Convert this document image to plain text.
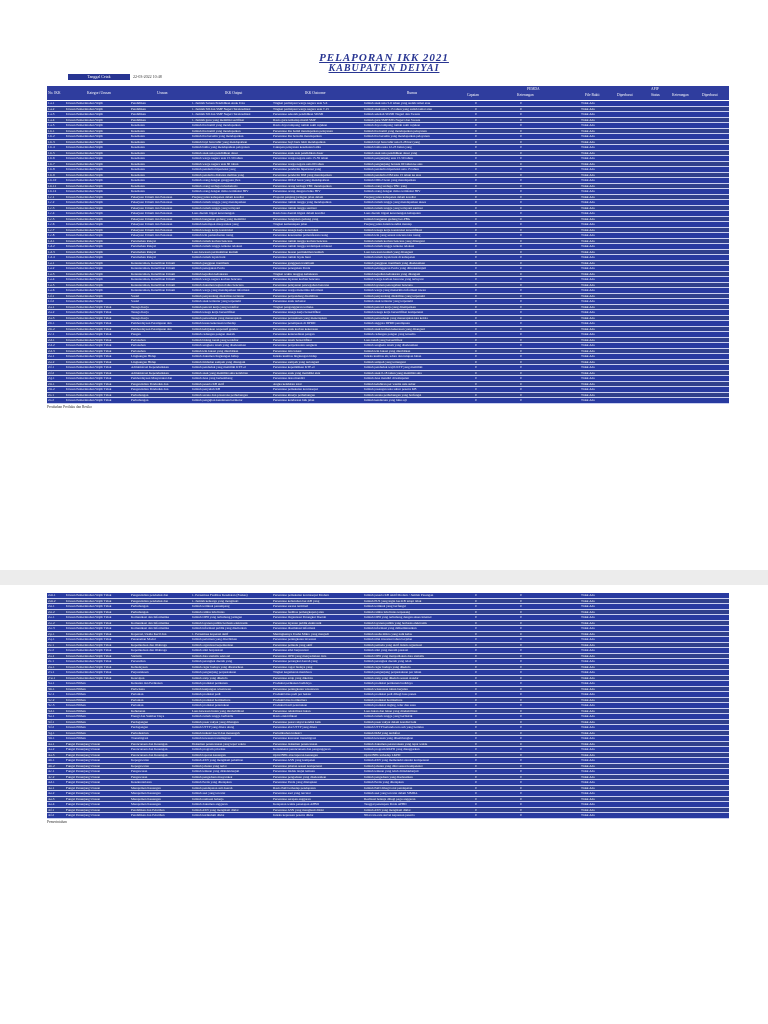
PELAPORAN IKK 2021
KABUPATEN DEIYAI
Tanggal Cetak	22-03-2022 10:48
No. IKK	Kategori Urusan	Urusan	IKK Output	IKK Outcome	Rumus
PEMDA
Capaian	Keterangan	File Bukti	Diperbarui
APIP
Status	Keterangan	Diperbarui
1.a.1	Urusan Pemerintahan Wajib	Pendidikan	1. Jumlah Satuan Pendidikan Anak Usia	Tingkat partisipasi warga negara usia 5-6	Jumlah anak usia 5-6 tahun yang sudah tamat atau	0	0	Tidak Ada
1.a.2	Urusan Pemerintahan Wajib	Pendidikan	1. Jumlah SD dan SMP Negeri Terakreditasi	Tingkat partisipasi warga negara usia 7-15	Jumlah anak usia 7-15 tahun yang sudah tamat atau	0	0	Tidak Ada
1.a.3	Urusan Pemerintahan Wajib	Pendidikan	1. Jumlah SD dan SMP Negeri Terakreditasi	Persentase sekolah pendidikan SD/MI	Jumlah sekolah SD/MI Negeri dan Swasta	0	0	Tidak Ada
1.a.4	Urusan Pemerintahan Wajib	Pendidikan	1. Jumlah guru yang memiliki sertifikat	Rasio guru terhadap murid SMP	Jumlah guru SMP/MTs Negeri dan Swasta	0	0	Tidak Ada
1.a.5	Urusan Pemerintahan Wajib	Kesehatan	Jumlah ibu hamil yang mendapatkan	Rasio daya tampung rumah sakit rujukan	Jumlah daya tampung rumah sakit rujukan	0	0	Tidak Ada
1.b.1	Urusan Pemerintahan Wajib	Kesehatan	Jumlah ibu hamil yang mendapatkan	Persentase ibu hamil mendapatkan pelayanan	Jumlah ibu hamil yang mendapatkan pelayanan	0	0	Tidak Ada
1.b.2	Urusan Pemerintahan Wajib	Kesehatan	Jumlah ibu bersalin yang mendapatkan	Persentase ibu bersalin mendapatkan	Jumlah ibu bersalin yang mendapatkan pelayanan	0	0	Tidak Ada
1.b.3	Urusan Pemerintahan Wajib	Kesehatan	Jumlah bayi baru lahir yang mendapatkan	Persentase bayi baru lahir mendapatkan	Jumlah bayi baru lahir usia 0-28 hari yang	0	0	Tidak Ada
1.b.4	Urusan Pemerintahan Wajib	Kesehatan	Jumlah balita yang mendapatkan pelayanan	Cakupan pelayanan kesehatan balita	Jumlah balita usia 12-23 bulan yang	0	0	Tidak Ada
1.b.5	Urusan Pemerintahan Wajib	Kesehatan	Jumlah anak usia pendidikan dasar	Persentase anak usia pendidikan dasar	Jumlah anak usia pendidikan dasar yang	0	0	Tidak Ada
1.b.6	Urusan Pemerintahan Wajib	Kesehatan	Jumlah warga negara usia 15-59 tahun	Persentase warga negara usia 15-59 tahun	Jumlah pengunjung usia 15-59 tahun	0	0	Tidak Ada
1.b.7	Urusan Pemerintahan Wajib	Kesehatan	Jumlah warga negara usia 60 tahun	Persentase warga negara usia 60 tahun	Jumlah pengunjung berusia 60 tahun ke atas	0	0	Tidak Ada
1.b.8	Urusan Pemerintahan Wajib	Kesehatan	Jumlah penderita hipertensi yang	Persentase penderita hipertensi yang	Jumlah penderita hipertensi usia 15 tahun	0	0	Tidak Ada
1.b.9	Urusan Pemerintahan Wajib	Kesehatan	Jumlah penderita diabetes melitus yang	Persentase penderita DM yang mendapatkan	Jumlah penderita DM usia 15 tahun ke atas	0	0	Tidak Ada
1.b.10	Urusan Pemerintahan Wajib	Kesehatan	Jumlah orang dengan gangguan jiwa	Persentase ODGJ berat yang mendapatkan	Jumlah ODGJ berat yang mendapatkan	0	0	Tidak Ada
1.b.11	Urusan Pemerintahan Wajib	Kesehatan	Jumlah orang terduga tuberkulosis	Persentase orang terduga TBC mendapatkan	Jumlah orang terduga TBC yang	0	0	Tidak Ada
1.b.12	Urusan Pemerintahan Wajib	Kesehatan	Jumlah orang dengan risiko terinfeksi HIV	Persentase orang dengan risiko HIV	Jumlah orang dengan risiko terinfeksi HIV	0	0	Tidak Ada
1.c.1	Urusan Pemerintahan Wajib	Pekerjaan Umum dan Penataan	Panjang jalan kabupaten dalam kondisi	Proporsi panjang jaringan jalan dalam	Panjang jalan kabupaten dalam kondisi	0	0	Tidak Ada
1.c.2	Urusan Pemerintahan Wajib	Pekerjaan Umum dan Penataan	Jumlah rumah tangga yang mendapatkan	Persentase rumah tangga yang mendapatkan	Jumlah rumah tangga yang mendapatkan akses	0	0	Tidak Ada
1.c.3	Urusan Pemerintahan Wajib	Pekerjaan Umum dan Penataan	Jumlah rumah tangga yang terlayani	Persentase rumah tangga sanitasi	Jumlah rumah tangga yang terlayani sanitasi	0	0	Tidak Ada
1.c.4	Urusan Pemerintahan Wajib	Pekerjaan Umum dan Penataan	Luas daerah irigasi kewenangan	Rasio luas daerah irigasi dalam kondisi	Luas daerah irigasi kewenangan kabupaten	0	0	Tidak Ada
1.c.5	Urusan Pemerintahan Wajib	Pekerjaan Umum dan Penataan	Jumlah bangunan gedung yang memiliki	Persentase bangunan gedung yang	Jumlah bangunan gedung ber-PBG	0	0	Tidak Ada
1.c.6	Urusan Pemerintahan Wajib	Pekerjaan Umum dan Penataan	Jumlah kelompok masyarakat yang	Tingkat kemantapan jalan	Panjang jalan dalam kondisi mantap	0	0	Tidak Ada
1.c.7	Urusan Pemerintahan Wajib	Pekerjaan Umum dan Penataan	Jumlah tenaga kerja konstruksi	Persentase tenaga kerja konstruksi	Jumlah tenaga kerja konstruksi tersertifikasi	0	0	Tidak Ada
1.c.8	Urusan Pemerintahan Wajib	Pekerjaan Umum dan Penataan	Jumlah izin pemanfaatan ruang	Persentase kesesuaian pemanfaatan ruang	Jumlah izin yang sesuai rencana tata ruang	0	0	Tidak Ada
1.d.1	Urusan Pemerintahan Wajib	Perumahan Rakyat	Jumlah rumah korban bencana	Persentase rumah tangga korban bencana	Jumlah rumah korban bencana yang ditangani	0	0	Tidak Ada
1.d.2	Urusan Pemerintahan Wajib	Perumahan Rakyat	Jumlah rumah tangga terkena relokasi	Persentase rumah tangga terdampak relokasi	Jumlah rumah tangga terkena relokasi	0	0	Tidak Ada
1.d.3	Urusan Pemerintahan Wajib	Perumahan Rakyat	Luas kawasan permukiman kumuh	Persentase luasan permukiman kumuh	Luas kawasan kumuh yang ditangani	0	0	Tidak Ada
1.d.4	Urusan Pemerintahan Wajib	Perumahan Rakyat	Jumlah rumah layak huni	Persentase rumah layak huni	Jumlah rumah layak huni di kabupaten	0	0	Tidak Ada
1.e.1	Urusan Pemerintahan Wajib	Ketenteraman, Ketertiban Umum	Jumlah gangguan trantibum	Persentase gangguan trantibum	Jumlah gangguan trantibum yang diselesaikan	0	0	Tidak Ada
1.e.2	Urusan Pemerintahan Wajib	Ketenteraman, Ketertiban Umum	Jumlah penegakan Perda	Persentase penegakan Perda	Jumlah pelanggaran Perda yang ditindaklanjuti	0	0	Tidak Ada
1.e.3	Urusan Pemerintahan Wajib	Ketenteraman, Ketertiban Umum	Jumlah kejadian kebakaran	Tingkat waktu tanggap kebakaran	Jumlah kejadian kebakaran yang ditangani	0	0	Tidak Ada
1.e.4	Urusan Pemerintahan Wajib	Ketenteraman, Ketertiban Umum	Jumlah warga negara korban bencana	Persentase layanan korban bencana	Jumlah warga korban bencana yang terlayani	0	0	Tidak Ada
1.e.5	Urusan Pemerintahan Wajib	Ketenteraman, Ketertiban Umum	Jumlah dokumen kajian risiko bencana	Persentase pelayanan pencegahan bencana	Jumlah layanan pencegahan bencana	0	0	Tidak Ada
1.e.6	Urusan Pemerintahan Wajib	Ketenteraman, Ketertiban Umum	Jumlah warga yang mendapatkan informasi	Persentase warga menerima informasi	Jumlah warga yang menerima informasi rawan	0	0	Tidak Ada
1.f.1	Urusan Pemerintahan Wajib	Sosial	Jumlah penyandang disabilitas terlantar	Persentase penyandang disabilitas	Jumlah penyandang disabilitas yang terpenuhi	0	0	Tidak Ada
1.f.2	Urusan Pemerintahan Wajib	Sosial	Jumlah anak terlantar yang terpenuhi	Persentase anak terlantar	Jumlah anak terlantar yang terpenuhi	0	0	Tidak Ada
2.a.1	Urusan Pemerintahan Wajib Tidak	Tenaga Kerja	Jumlah pencari kerja yang terdaftar	Tingkat pengangguran terbuka	Jumlah pencari kerja yang ditempatkan	0	0	Tidak Ada
2.a.2	Urusan Pemerintahan Wajib Tidak	Tenaga Kerja	Jumlah tenaga kerja bersertifikat	Persentase tenaga kerja bersertifikat	Jumlah tenaga kerja bersertifikat kompetensi	0	0	Tidak Ada
2.a.3	Urusan Pemerintahan Wajib Tidak	Tenaga Kerja	Jumlah perusahaan yang menerapkan	Persentase perusahaan yang menerapkan	Jumlah perusahaan yang menerapkan tata kelola	0	0	Tidak Ada
2.b.1	Urusan Pemerintahan Wajib Tidak	Pemberdayaan Perempuan dan	Jumlah kasus kekerasan terhadap	Persentase perempuan di DPRD	Jumlah anggota DPRD perempuan	0	0	Tidak Ada
2.b.2	Urusan Pemerintahan Wajib Tidak	Pemberdayaan Perempuan dan	Jumlah kebijakan responsif gender	Persentase anak korban kekerasan	Jumlah anak korban kekerasan yang ditangani	0	0	Tidak Ada
2.c.1	Urusan Pemerintahan Wajib Tidak	Pangan	Jumlah cadangan pangan daerah	Persentase ketersediaan pangan	Jumlah cadangan pangan yang tersedia	0	0	Tidak Ada
2.d.1	Urusan Pemerintahan Wajib Tidak	Pertanahan	Jumlah bidang tanah yang terdaftar	Persentase tanah bersertifikat	Luas tanah yang bersertifikat	0	0	Tidak Ada
2.d.2	Urusan Pemerintahan Wajib Tidak	Pertanahan	Jumlah sengketa tanah yang diselesaikan	Persentase penyelesaian sengketa	Jumlah sengketa tanah yang diselesaikan	0	0	Tidak Ada
2.d.3	Urusan Pemerintahan Wajib Tidak	Pertanahan	Jumlah izin lokasi yang diterbitkan	Persentase izin lokasi	Jumlah izin lokasi yang diterbitkan	0	0	Tidak Ada
2.e.1	Urusan Pemerintahan Wajib Tidak	Lingkungan Hidup	Jumlah dokumen lingkungan hidup	Indeks kualitas lingkungan hidup	Indeks kualitas air, udara dan tutupan lahan	0	0	Tidak Ada
2.e.2	Urusan Pemerintahan Wajib Tidak	Lingkungan Hidup	Jumlah timbulan sampah yang ditangani	Persentase sampah yang tertangani	Jumlah sampah yang tertangani	0	0	Tidak Ada
2.f.1	Urusan Pemerintahan Wajib Tidak	Administrasi Kependudukan	Jumlah penduduk yang memiliki KTP-el	Persentase kepemilikan KTP-el	Jumlah penduduk wajib KTP yang memiliki	0	0	Tidak Ada
2.f.2	Urusan Pemerintahan Wajib Tidak	Administrasi Kependudukan	Jumlah anak yang memiliki akta kelahiran	Persentase anak yang memiliki akta	Jumlah anak 0-18 tahun yang memiliki akta	0	0	Tidak Ada
2.g.1	Urusan Pemerintahan Wajib Tidak	Pemberdayaan Masyarakat dan	Jumlah desa yang berkembang	Persentase desa mandiri	Jumlah desa mandiri di kabupaten	0	0	Tidak Ada
2.h.1	Urusan Pemerintahan Wajib Tidak	Pengendalian Penduduk dan	Jumlah peserta KB aktif	Angka kelahiran total	Jumlah kelahiran per wanita usia subur	0	0	Tidak Ada
2.h.2	Urusan Pemerintahan Wajib Tidak	Pengendalian Penduduk dan	Jumlah penyuluh KB	Persentase pemakaian kontrasepsi	Jumlah pasangan usia subur peserta KB	0	0	Tidak Ada
2.i.1	Urusan Pemerintahan Wajib Tidak	Perhubungan	Jumlah sarana dan prasarana perhubungan	Persentase kinerja perhubungan	Jumlah sarana perhubungan yang berfungsi	0	0	Tidak Ada
2.i.2	Urusan Pemerintahan Wajib Tidak	Perhubungan	Jumlah pengujian kendaraan bermotor	Persentase kendaraan laik jalan	Jumlah kendaraan yang lulus uji	0	0	Tidak Ada
Perubahan Perilaku dan Resiko
2.m.1	Urusan Pemerintahan Wajib Tidak	Pengendalian penduduk dan	1. Persentase Fasilitas Kesehatan (Faskes)	Persentase pemakaian kontrasepsi Modern	Jumlah peserta KB Aktif Modern / Jumlah Pasangan	0	0	Tidak Ada
2.m.2	Urusan Pemerintahan Wajib Tidak	Pengendalian penduduk dan	1. Jumlah keluarga yang mengikuti	Persentase kebutuhan ber-KB yang	Jumlah PUS yang ingin ber-KB tetapi tidak	0	0	Tidak Ada
2.n.1	Urusan Pemerintahan Wajib Tidak	Perhubungan	Jumlah terminal penumpang	Persentase sarana terminal	Jumlah terminal yang berfungsi	0	0	Tidak Ada
2.n.2	Urusan Pemerintahan Wajib Tidak	Perhubungan	Jumlah rambu lalu lintas	Persentase fasilitas perlengkapan jalan	Jumlah rambu lalu lintas terpasang	0	0	Tidak Ada
2.o.1	Urusan Pemerintahan Wajib Tidak	Komunikasi dan Informatika	Jumlah OPD yang terhubung jaringan	Persentase Organisasi Perangkat Daerah	Jumlah OPD yang terhubung dengan akses internet	0	0	Tidak Ada
2.o.2	Urusan Pemerintahan Wajib Tidak	Komunikasi dan Informatika	Jumlah layanan publik berbasis elektronik	Persentase layanan publik elektronik	Jumlah layanan publik yang berbasis elektronik	0	0	Tidak Ada
2.o.3	Urusan Pemerintahan Wajib Tidak	Komunikasi dan Informatika	Jumlah informasi publik yang disebarkan	Persentase diseminasi informasi	Jumlah informasi yang didiseminasikan	0	0	Tidak Ada
2.p.1	Urusan Pemerintahan Wajib Tidak	Koperasi, Usaha Kecil dan	1. Persentase koperasi aktif	Meningkatnya Usaha Mikro yang menjadi	Jumlah usaha mikro yang naik kelas	0	0	Tidak Ada
2.q.1	Urusan Pemerintahan Wajib Tidak	Penanaman Modal	Jumlah perizinan yang diterbitkan	Persentase peningkatan investasi	Jumlah nilai investasi tahun berjalan	0	0	Tidak Ada
2.r.1	Urusan Pemerintahan Wajib Tidak	Kepemudaan dan Olahraga	Jumlah organisasi kepemudaan	Persentase pemuda yang aktif	Jumlah pemuda yang aktif dalam organisasi	0	0	Tidak Ada
2.r.2	Urusan Pemerintahan Wajib Tidak	Kepemudaan dan Olahraga	Jumlah atlet berprestasi	Persentase atlet berprestasi	Jumlah atlet yang meraih prestasi	0	0	Tidak Ada
2.s.1	Urusan Pemerintahan Wajib Tidak	Statistik	Jumlah data statistik sektoral	Persentase OPD yang menyediakan data	Jumlah OPD yang menyediakan data statistik	0	0	Tidak Ada
2.t.1	Urusan Pemerintahan Wajib Tidak	Persandian	Jumlah perangkat daerah yang	Persentase perangkat daerah yang	Jumlah perangkat daerah yang telah	0	0	Tidak Ada
2.u.1	Urusan Pemerintahan Wajib Tidak	Kebudayaan	Jumlah cagar budaya yang dilestarikan	Persentase cagar budaya yang	Jumlah cagar budaya yang dikelola	0	0	Tidak Ada
2.v.1	Urusan Pemerintahan Wajib Tidak	Perpustakaan	Jumlah pengunjung perpustakaan	Tingkat kegemaran membaca	Jumlah pengunjung perpustakaan per tahun	0	0	Tidak Ada
2.w.1	Urusan Pemerintahan Wajib Tidak	Kearsipan	Jumlah arsip yang dikelola	Persentase arsip yang dikelola	Jumlah arsip yang dikelola sesuai standar	0	0	Tidak Ada
3.a.1	Urusan Pilihan	Kelautan dan Perikanan	Jumlah produksi perikanan	Produksi perikanan budidaya	Jumlah produksi perikanan budidaya	0	0	Tidak Ada
3.b.1	Urusan Pilihan	Pariwisata	Jumlah kunjungan wisatawan	Persentase peningkatan wisatawan	Jumlah wisatawan tahun berjalan	0	0	Tidak Ada
3.c.1	Urusan Pilihan	Pertanian	Jumlah produksi padi	Produktivitas padi per hektar	Jumlah produksi padi dibagi luas panen	0	0	Tidak Ada
3.c.2	Urusan Pilihan	Pertanian	Jumlah produksi hortikultura	Produktivitas hortikultura	Jumlah produksi hortikultura	0	0	Tidak Ada
3.c.3	Urusan Pilihan	Pertanian	Jumlah produksi peternakan	Produksi hasil peternakan	Jumlah produksi daging, telur dan susu	0	0	Tidak Ada
3.d.1	Urusan Pilihan	Kehutanan	Luas kawasan hutan yang direhabilitasi	Persentase rehabilitasi hutan	Luas hutan dan lahan yang direhabilitasi	0	0	Tidak Ada
3.e.1	Urusan Pilihan	Energi dan Sumber Daya	Jumlah rumah tangga berlistrik	Rasio elektrifikasi	Jumlah rumah tangga yang berlistrik	0	0	Tidak Ada
3.f.1	Urusan Pilihan	Perdagangan	Jumlah pasar rakyat yang dibangun	Persentase pasar rakyat kondisi baik	Jumlah pasar rakyat dalam kondisi baik	0	0	Tidak Ada
3.f.2	Urusan Pilihan	Perdagangan	Jumlah UTTP yang ditera ulang	Persentase alat UTTP yang ditera	Jumlah UTTP bertanda tera sah yang berlaku	0	0	Tidak Ada
3.g.1	Urusan Pilihan	Perindustrian	Jumlah industri kecil dan menengah	Pertumbuhan industri	Jumlah IKM yang terdaftar	0	0	Tidak Ada
3.h.1	Urusan Pilihan	Transmigrasi	Jumlah kawasan transmigrasi	Persentase kawasan transmigrasi	Jumlah kawasan yang dikembangkan	0	0	Tidak Ada
4.a.1	Fungsi Penunjang Urusan	Perencanaan dan Keuangan	Dokumen perencanaan yang tepat waktu	Persentase dokumen perencanaan	Jumlah dokumen perencanaan yang tepat waktu	0	0	Tidak Ada
4.a.2	Fungsi Penunjang Urusan	Perencanaan dan Keuangan	Jumlah program prioritas	Konsistensi perencanaan dan penganggaran	Jumlah program RKPD yang dianggarkan	0	0	Tidak Ada
4.a.3	Fungsi Penunjang Urusan	Perencanaan dan Keuangan	Jumlah laporan keuangan	Opini BPK atas laporan keuangan	Opini BPK terhadap LKPD	0	0	Tidak Ada
4.b.1	Fungsi Penunjang Urusan	Kepegawaian	Jumlah ASN yang mengikuti pelatihan	Persentase ASN yang kompeten	Jumlah ASN yang memenuhi standar kompetensi	0	0	Tidak Ada
4.b.2	Fungsi Penunjang Urusan	Kepegawaian	Jumlah jabatan yang terisi	Persentase jabatan sesuai kompetensi	Jumlah jabatan yang diisi sesuai kompetensi	0	0	Tidak Ada
4.c.1	Fungsi Penunjang Urusan	Pengawasan	Jumlah temuan yang ditindaklanjuti	Persentase tindak lanjut temuan	Jumlah temuan yang telah ditindaklanjuti	0	0	Tidak Ada
4.c.2	Fungsi Penunjang Urusan	Pengawasan	Jumlah pengaduan masyarakat	Persentase pengaduan yang diselesaikan	Jumlah pengaduan yang diselesaikan	0	0	Tidak Ada
4.d.1	Fungsi Penunjang Urusan	Kesekretariatan	Jumlah Perda yang ditetapkan	Persentase Perda yang ditetapkan	Jumlah Perda yang ditetapkan	0	0	Tidak Ada
4.e.1	Fungsi Penunjang Urusan	Manajemen Keuangan	Jumlah pendapatan asli daerah	Rasio PAD terhadap pendapatan	Jumlah PAD dibagi total pendapatan	0	0	Tidak Ada
4.e.2	Fungsi Penunjang Urusan	Manajemen Keuangan	Jumlah aset yang tercatat	Persentase aset yang tercatat	Jumlah aset yang tercatat dalam SIMDA	0	0	Tidak Ada
4.e.3	Fungsi Penunjang Urusan	Manajemen Keuangan	Jumlah realisasi belanja	Persentase serapan anggaran	Realisasi belanja dibagi pagu anggaran	0	0	Tidak Ada
4.e.4	Fungsi Penunjang Urusan	Manajemen Keuangan	Jumlah dokumen anggaran	Ketepatan waktu penetapan APBD	Tanggal penetapan Perda APBD	0	0	Tidak Ada
4.f.1	Fungsi Penunjang Urusan	Pendidikan dan Pelatihan	Jumlah ASN yang mengikuti diklat	Persentase ASN yang mengikuti diklat	Jumlah ASN yang mengikuti diklat	0	0	Tidak Ada
4.f.2	Fungsi Penunjang Urusan	Pendidikan dan Pelatihan	Jumlah kurikulum diklat	Indeks kepuasan peserta diklat	Nilai rata-rata survei kepuasan peserta	0	0	Tidak Ada
Pemerintahan
